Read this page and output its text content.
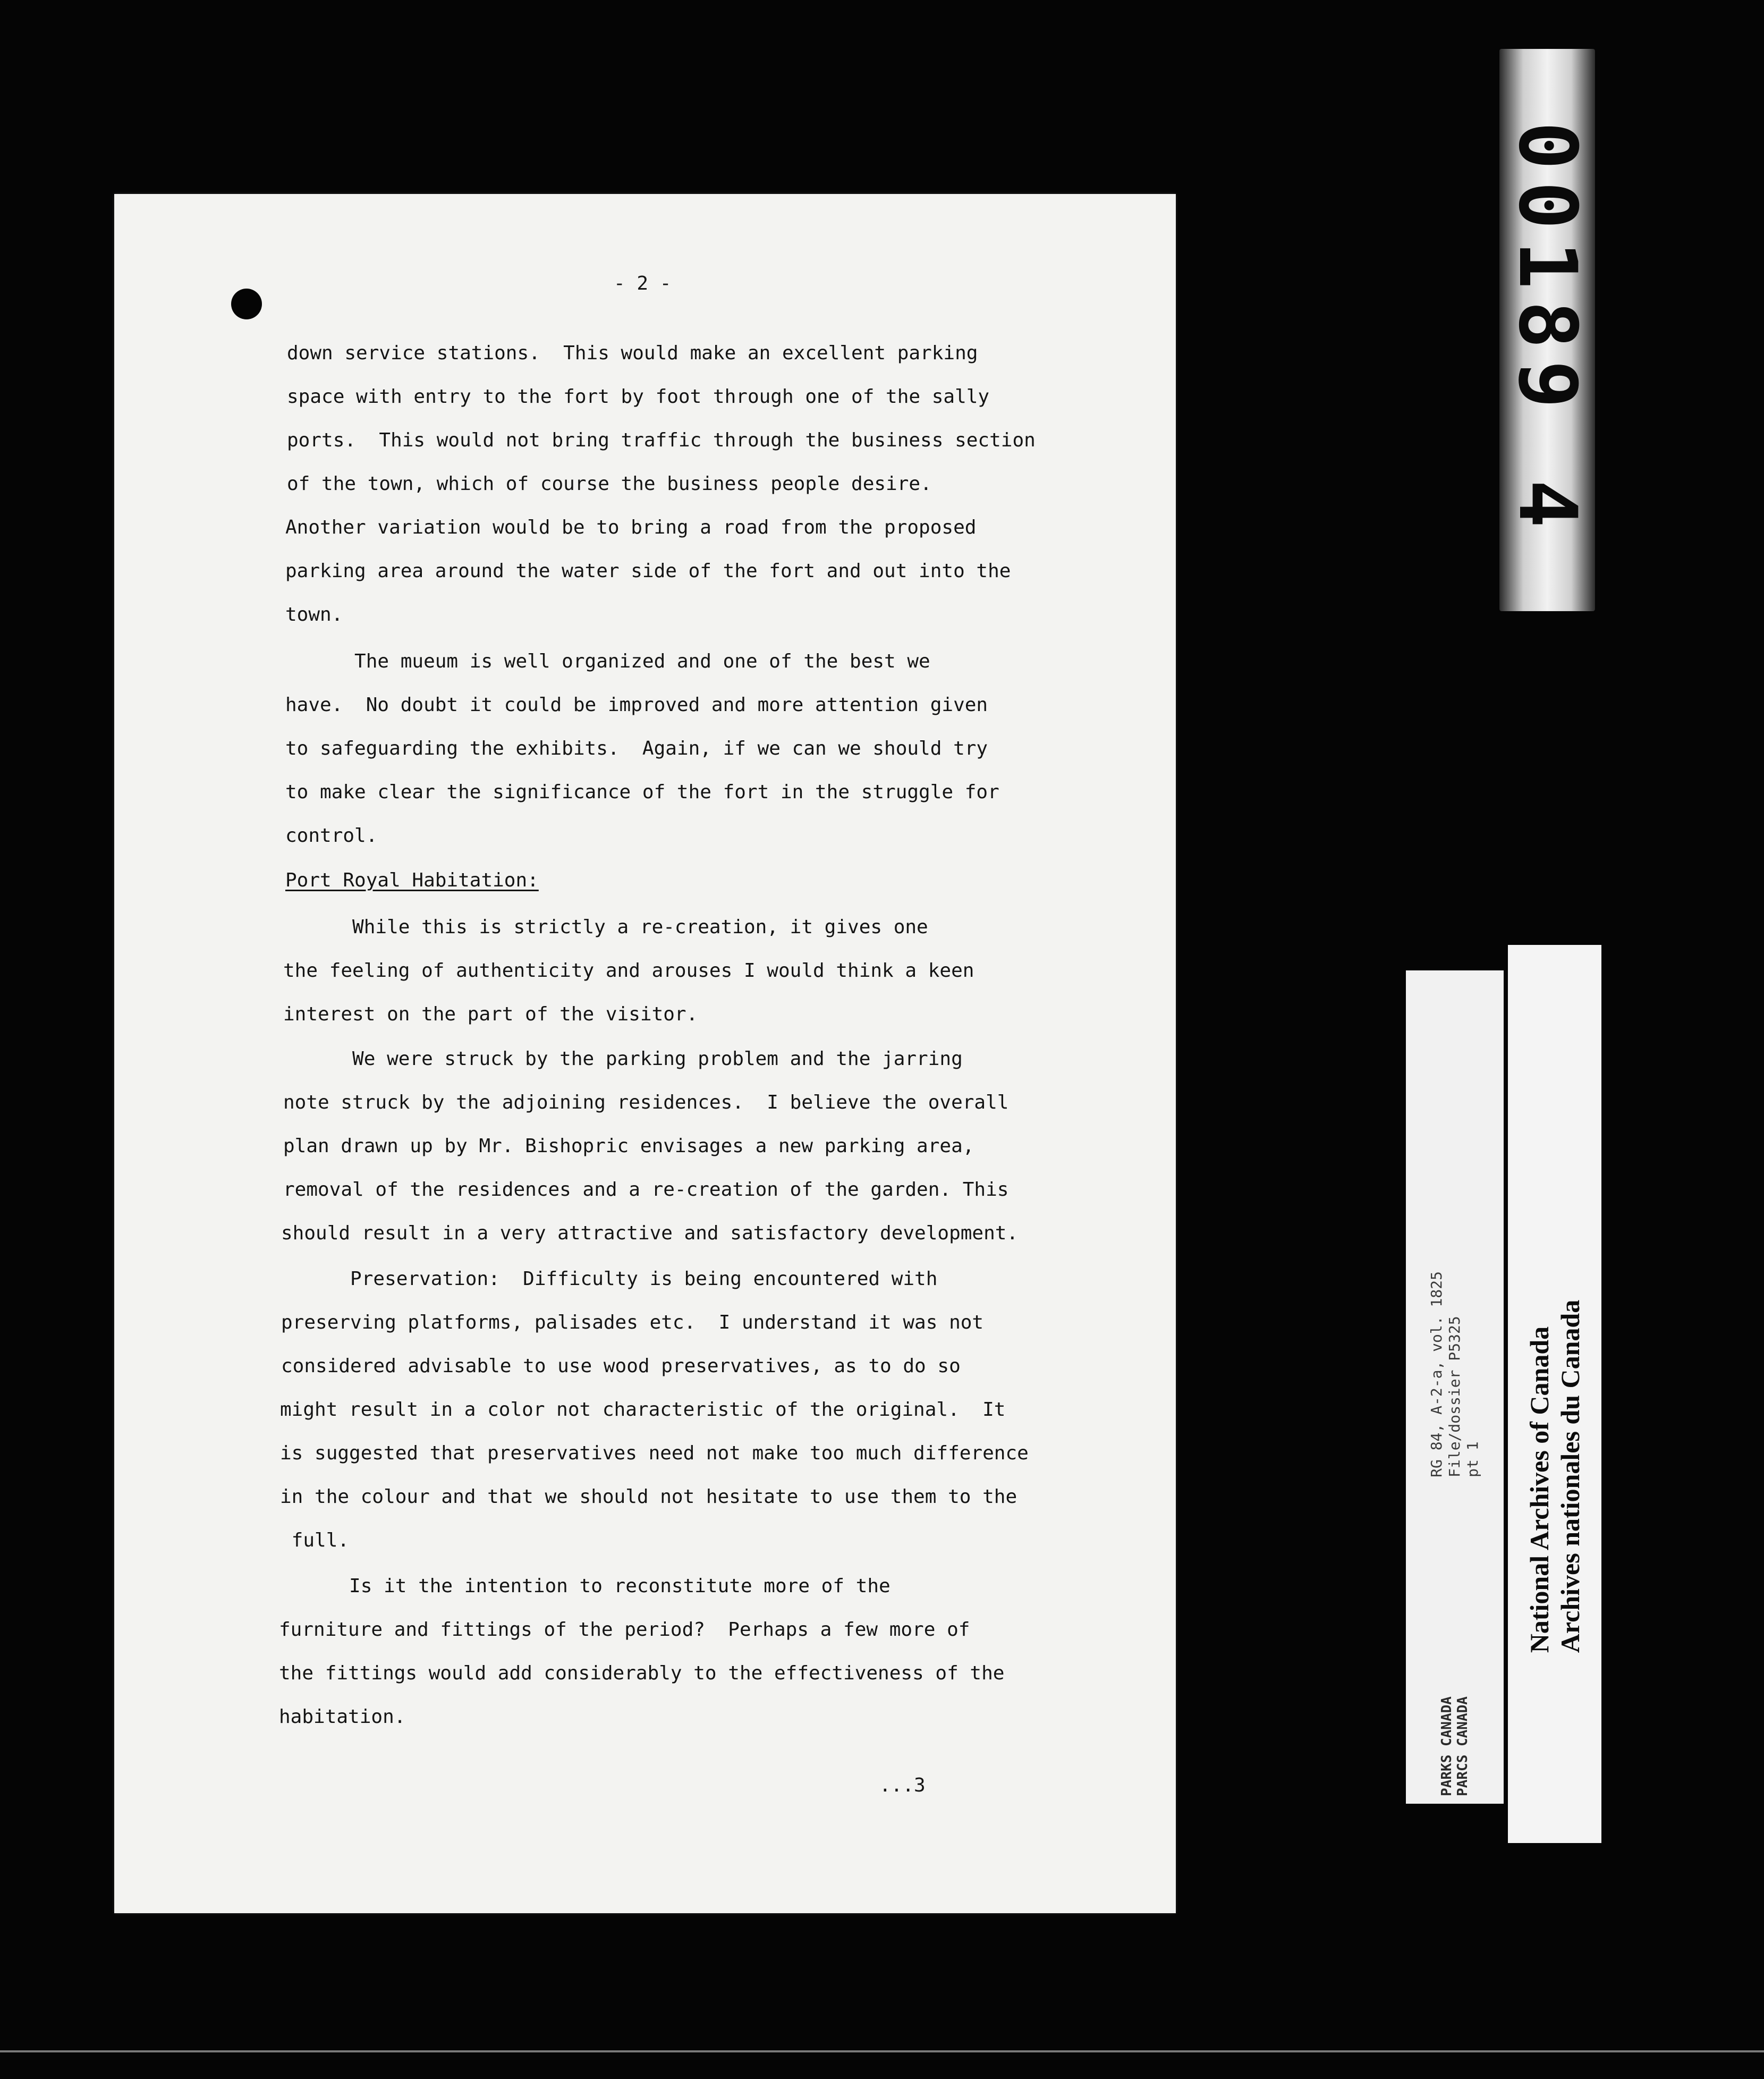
- 2 -
down service stations.  This would make an excellent parking
space with entry to the fort by foot through one of the sally
ports.  This would not bring traffic through the business section
of the town, which of course the business people desire.
Another variation would be to bring a road from the proposed
parking area around the water side of the fort and out into the
town.
The mueum is well organized and one of the best we
have.  No doubt it could be improved and more attention given
to safeguarding the exhibits.  Again, if we can we should try
to make clear the significance of the fort in the struggle for
control.
Port Royal Habitation:
While this is strictly a re-creation, it gives one
the feeling of authenticity and arouses I would think a keen
interest on the part of the visitor.
We were struck by the parking problem and the jarring
note struck by the adjoining residences.  I believe the overall
plan drawn up by Mr. Bishopric envisages a new parking area,
removal of the residences and a re-creation of the garden. This
should result in a very attractive and satisfactory development.
Preservation:  Difficulty is being encountered with
preserving platforms, palisades etc.  I understand it was not
considered advisable to use wood preservatives, as to do so
might result in a color not characteristic of the original.  It
is suggested that preservatives need not make too much difference
in the colour and that we should not hesitate to use them to the
full.
Is it the intention to reconstitute more of the
furniture and fittings of the period?  Perhaps a few more of
the fittings would add considerably to the effectiveness of the
habitation.
...3
00189 4
RG 84, A-2-a, vol. 1825
File/dossier P5325
pt 1
PARKS CANADA
PARCS CANADA
National Archives of Canada
Archives nationales du Canada
